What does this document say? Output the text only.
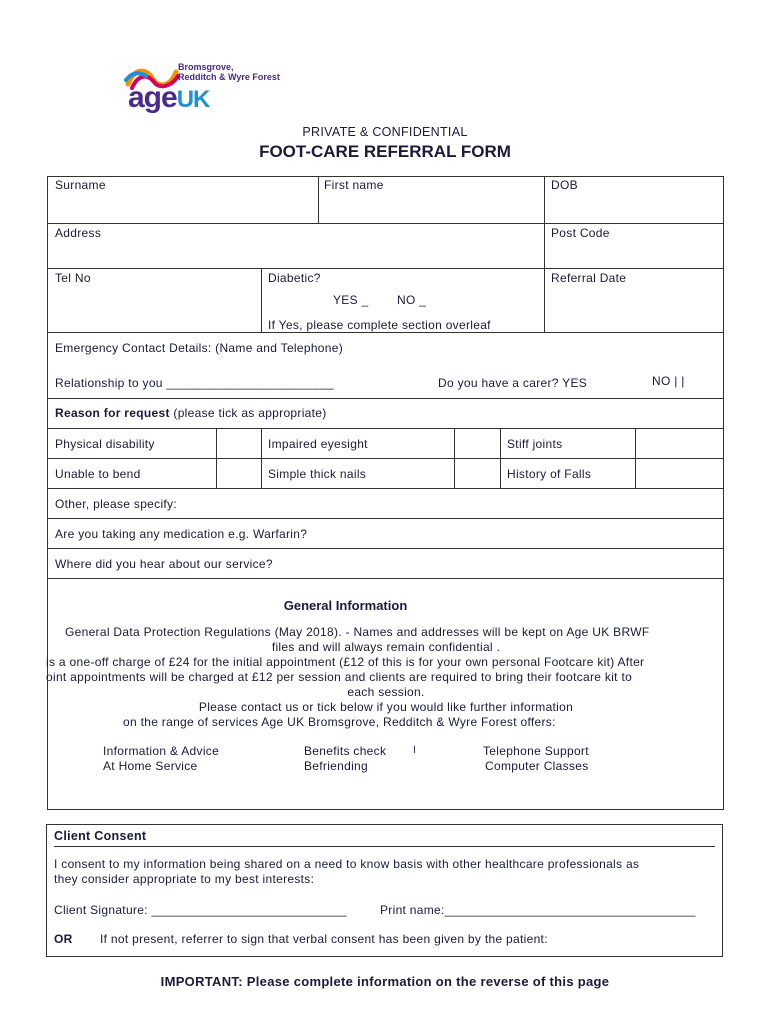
Bromsgrove,
Redditch & Wyre Forest
ageUK
PRIVATE & CONFIDENTIAL
FOOT-CARE REFERRAL FORM
Surname	First name	DOB
Address	Post Code
Tel No	Diabetic?
YES _ NO _
If Yes, please complete section overleaf
Referral Date
Emergency Contact Details: (Name and Telephone)
Relationship to you ________________________	Do you have a carer? YES	NO | |
Reason for request (please tick as appropriate)
Physical disability	Impaired eyesight	Stiff joints
Unable to bend	Simple thick nails	History of Falls
Other, please specify:
Are you taking any medication e.g. Warfarin?
Where did you hear about our service?
General Information
General Data Protection Regulations (May 2018). - Names and addresses will be kept on Age UK BRWF
files and will always remain confidential .
is a one-off charge of £24 for the initial appointment (£12 of this is for your own personal Footcare kit) After
oint appointments will be charged at £12 per session and clients are required to bring their footcare kit to
each session.
Please contact us or tick below if you would like further information
on the range of services Age UK Bromsgrove, Redditch & Wyre Forest offers:
Information & Advice
At Home Service
Benefits check	I
Befriending
Telephone Support
Computer Classes
Client Consent
I consent to my information being shared on a need to know basis with other healthcare professionals as
they consider appropriate to my best interests:
Client Signature: ____________________________	Print name:____________________________________
OR If not present, referrer to sign that verbal consent has been given by the patient:
IMPORTANT: Please complete information on the reverse of this page
